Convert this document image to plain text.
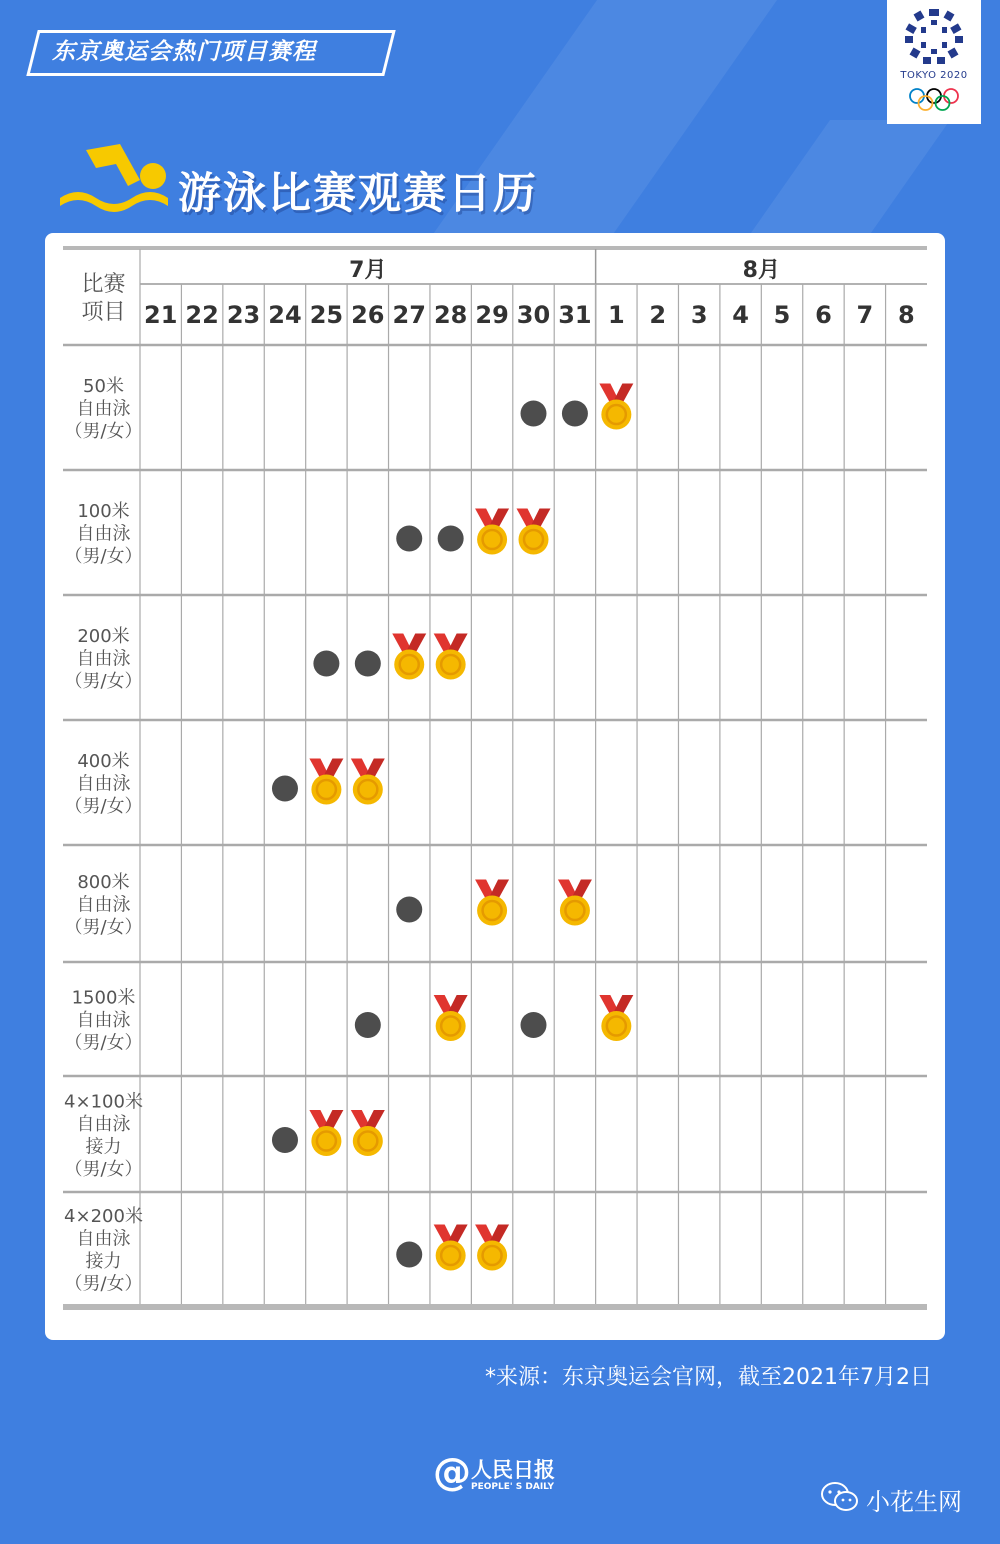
东京奥运会热门项目赛程
TOKYO 2020
游泳比赛观赛日历
比赛
项目
7月	8月
21 22 23 24 25 26 27 28 29 30 31 1 2 3 4 5 6 7 8
50米
自由泳
（男/女）
100米
自由泳
（男/女）
200米
自由泳
（男/女）
400米
自由泳
（男/女）
800米
自由泳
（男/女）
1500米
自由泳
（男/女）
4×100米
自由泳
接力
（男/女）
4×200米
自由泳
接力
（男/女）
*来源：东京奥运会官网，截至2021年7月2日
@ 人民日报
PEOPLE' S DAILY
小花生网
